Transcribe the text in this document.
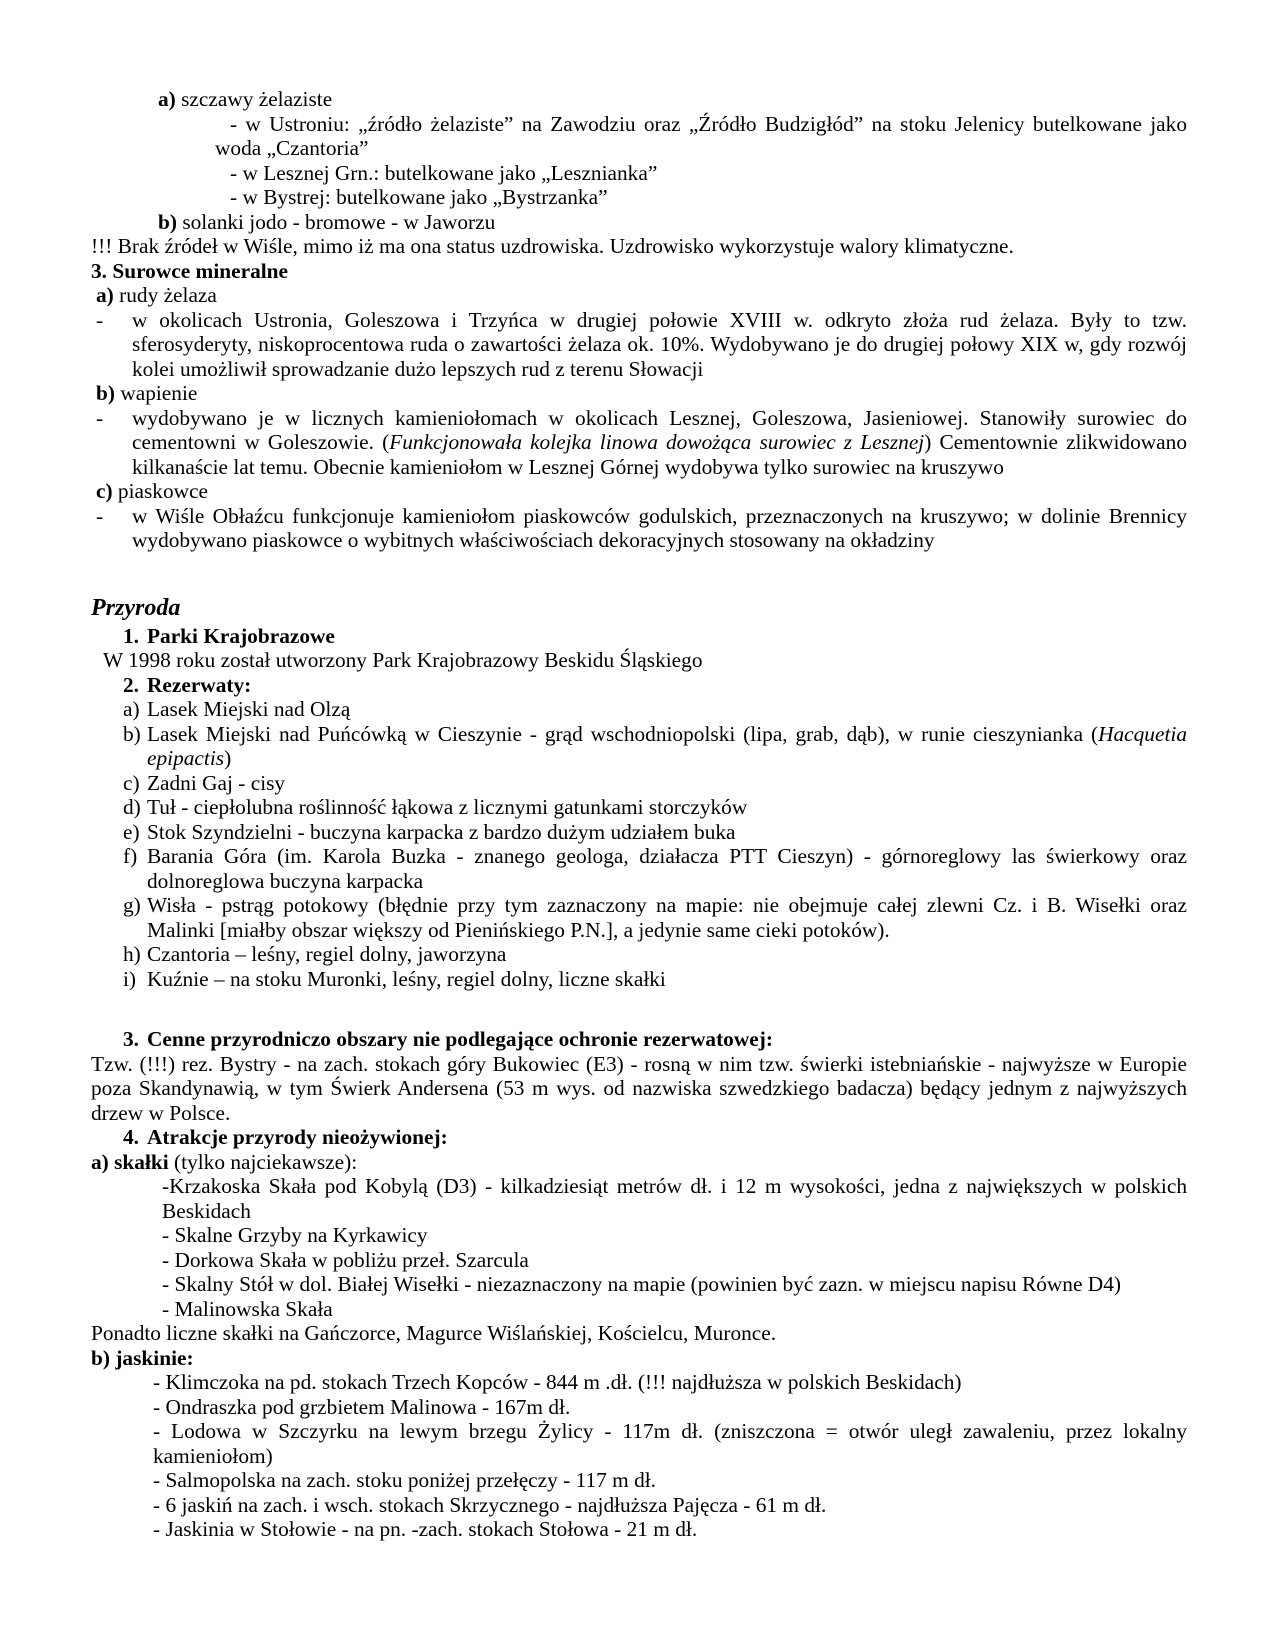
a) szczawy żelaziste
- w Ustroniu: „źródło żelaziste” na Zawodziu oraz „Źródło Budzigłód” na stoku Jelenicy butelkowane jako woda „Czantoria”
- w Lesznej Grn.: butelkowane jako „Lesznianka”
- w Bystrej: butelkowane jako „Bystrzanka”
b) solanki jodo - bromowe - w Jaworzu
!!! Brak źródeł w Wiśle, mimo iż ma ona status uzdrowiska. Uzdrowisko wykorzystuje walory klimatyczne.
3. Surowce mineralne
a) rudy żelaza
-	w okolicach Ustronia, Goleszowa i Trzyńca w drugiej połowie XVIII w. odkryto złoża rud żelaza. Były to tzw. sferosyderyty, niskoprocentowa ruda o zawartości żelaza ok. 10%. Wydobywano je do drugiej połowy XIX w, gdy rozwój kolei umożliwił sprowadzanie dużo lepszych rud z terenu Słowacji
b) wapienie
-	wydobywano je w licznych kamieniołomach w okolicach Lesznej, Goleszowa, Jasieniowej. Stanowiły surowiec do cementowni w Goleszowie. (Funkcjonowała kolejka linowa dowożąca surowiec z Lesznej) Cementownie zlikwidowano kilkanaście lat temu. Obecnie kamieniołom w Lesznej Górnej wydobywa tylko surowiec na kruszywo
c) piaskowce
-	w Wiśle Obłaźcu funkcjonuje kamieniołom piaskowców godulskich, przeznaczonych na kruszywo; w dolinie Brennicy wydobywano piaskowce o wybitnych właściwościach dekoracyjnych stosowany na okładziny
Przyroda
1. Parki Krajobrazowe
W 1998 roku został utworzony Park Krajobrazowy Beskidu Śląskiego
2. Rezerwaty:
a) Lasek Miejski nad Olzą
b) Lasek Miejski nad Puńcówką w Cieszynie - grąd wschodniopolski (lipa, grab, dąb), w runie cieszynianka (Hacquetia epipactis)
c) Zadni Gaj - cisy
d) Tuł - ciepłolubna roślinność łąkowa z licznymi gatunkami storczyków
e) Stok Szyndzielni - buczyna karpacka z bardzo dużym udziałem buka
f) Barania Góra (im. Karola Buzka - znanego geologa, działacza PTT Cieszyn) - górnoreglowy las świerkowy oraz dolnoreglowa buczyna karpacka
g) Wisła - pstrąg potokowy (błędnie przy tym zaznaczony na mapie: nie obejmuje całej zlewni Cz. i B. Wisełki oraz Malinki [miałby obszar większy od Pienińskiego P.N.], a jedynie same cieki potoków).
h) Czantoria – leśny, regiel dolny, jaworzyna
i) Kuźnie – na stoku Muronki, leśny, regiel dolny, liczne skałki
3. Cenne przyrodniczo obszary nie podlegające ochronie rezerwatowej:
Tzw. (!!!) rez. Bystry - na zach. stokach góry Bukowiec (E3) - rosną w nim tzw. świerki istebniańskie - najwyższe w Europie poza Skandynawią, w tym Świerk Andersena (53 m wys. od nazwiska szwedzkiego badacza) będący jednym z najwyższych drzew w Polsce.
4. Atrakcje przyrody nieożywionej:
a) skałki (tylko najciekawsze):
-Krzakoska Skała pod Kobylą (D3) - kilkadziesiąt metrów dł. i 12 m wysokości, jedna z największych w polskich Beskidach
- Skalne Grzyby na Kyrkawicy
- Dorkowa Skała w pobliżu przeł. Szarcula
- Skalny Stół w dol. Białej Wisełki - niezaznaczony na mapie (powinien być zazn. w miejscu napisu Równe D4)
- Malinowska Skała
Ponadto liczne skałki na Gańczorce, Magurce Wiślańskiej, Kościelcu, Muronce.
b) jaskinie:
- Klimczoka na pd. stokach Trzech Kopców - 844 m .dł. (!!! najdłuższa w polskich Beskidach)
- Ondraszka pod grzbietem Malinowa - 167m dł.
- Lodowa w Szczyrku na lewym brzegu Żylicy - 117m dł. (zniszczona = otwór uległ zawaleniu, przez lokalny kamieniołom)
- Salmopolska na zach. stoku poniżej przełęczy - 117 m dł.
- 6 jaskiń na zach. i wsch. stokach Skrzycznego - najdłuższa Pajęcza - 61 m dł.
- Jaskinia w Stołowie - na pn. -zach. stokach Stołowa - 21 m dł.
